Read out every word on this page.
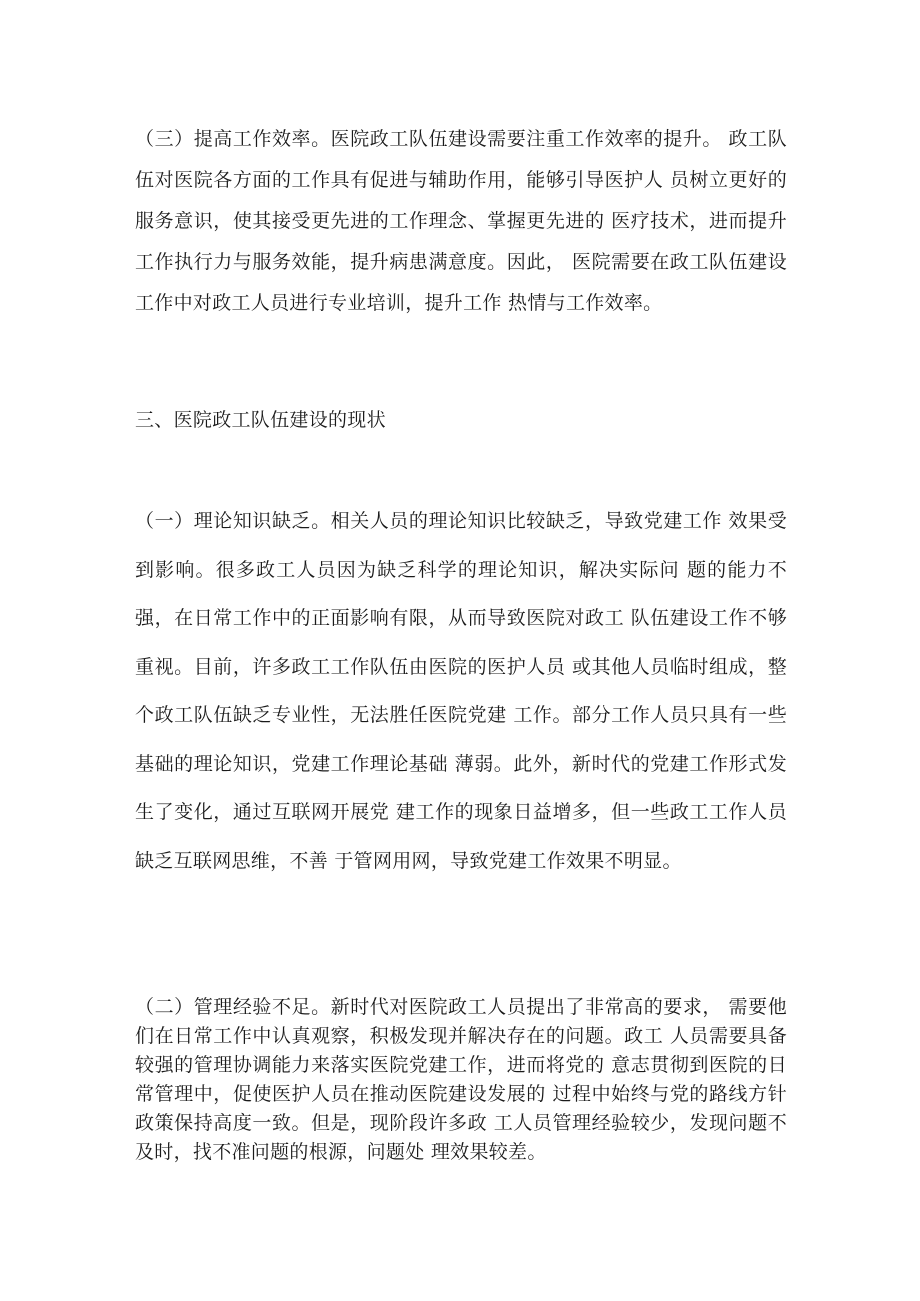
（三）提高工作效率。医院政工队伍建设需要注重工作效率的提升。 政工队伍对医院各方面的工作具有促进与辅助作用，能够引导医护人 员树立更好的服务意识，使其接受更先进的工作理念、掌握更先进的 医疗技术，进而提升工作执行力与服务效能，提升病患满意度。因此， 医院需要在政工队伍建设工作中对政工人员进行专业培训，提升工作 热情与工作效率。

三、医院政工队伍建设的现状

（一）理论知识缺乏。相关人员的理论知识比较缺乏，导致党建工作 效果受到影响。很多政工人员因为缺乏科学的理论知识，解决实际问 题的能力不强，在日常工作中的正面影响有限，从而导致医院对政工 队伍建设工作不够重视。目前，许多政工工作队伍由医院的医护人员 或其他人员临时组成，整个政工队伍缺乏专业性，无法胜任医院党建 工作。部分工作人员只具有一些基础的理论知识，党建工作理论基础 薄弱。此外，新时代的党建工作形式发生了变化，通过互联网开展党 建工作的现象日益增多，但一些政工工作人员缺乏互联网思维，不善 于管网用网，导致党建工作效果不明显。

（二）管理经验不足。新时代对医院政工人员提出了非常高的要求， 需要他们在日常工作中认真观察，积极发现并解决存在的问题。政工 人员需要具备较强的管理协调能力来落实医院党建工作，进而将党的 意志贯彻到医院的日常管理中，促使医护人员在推动医院建设发展的 过程中始终与党的路线方针政策保持高度一致。但是，现阶段许多政 工人员管理经验较少，发现问题不及时，找不准问题的根源，问题处 理效果较差。
